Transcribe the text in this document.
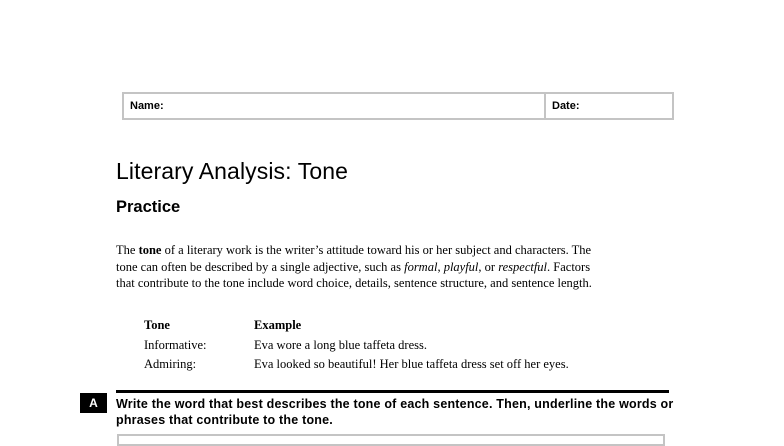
Name:	Date:
Literary Analysis: Tone
Practice

The tone of a literary work is the writer’s attitude toward his or her subject and characters. The tone can often be described by a single adjective, such as formal, playful, or respectful. Factors that contribute to the tone include word choice, details, sentence structure, and sentence length.

Tone	Example
Informative:	Eva wore a long blue taffeta dress.
Admiring:	Eva looked so beautiful! Her blue taffeta dress set off her eyes.
A	Write the word that best describes the tone of each sentence. Then, underline the words or phrases that contribute to the tone.
